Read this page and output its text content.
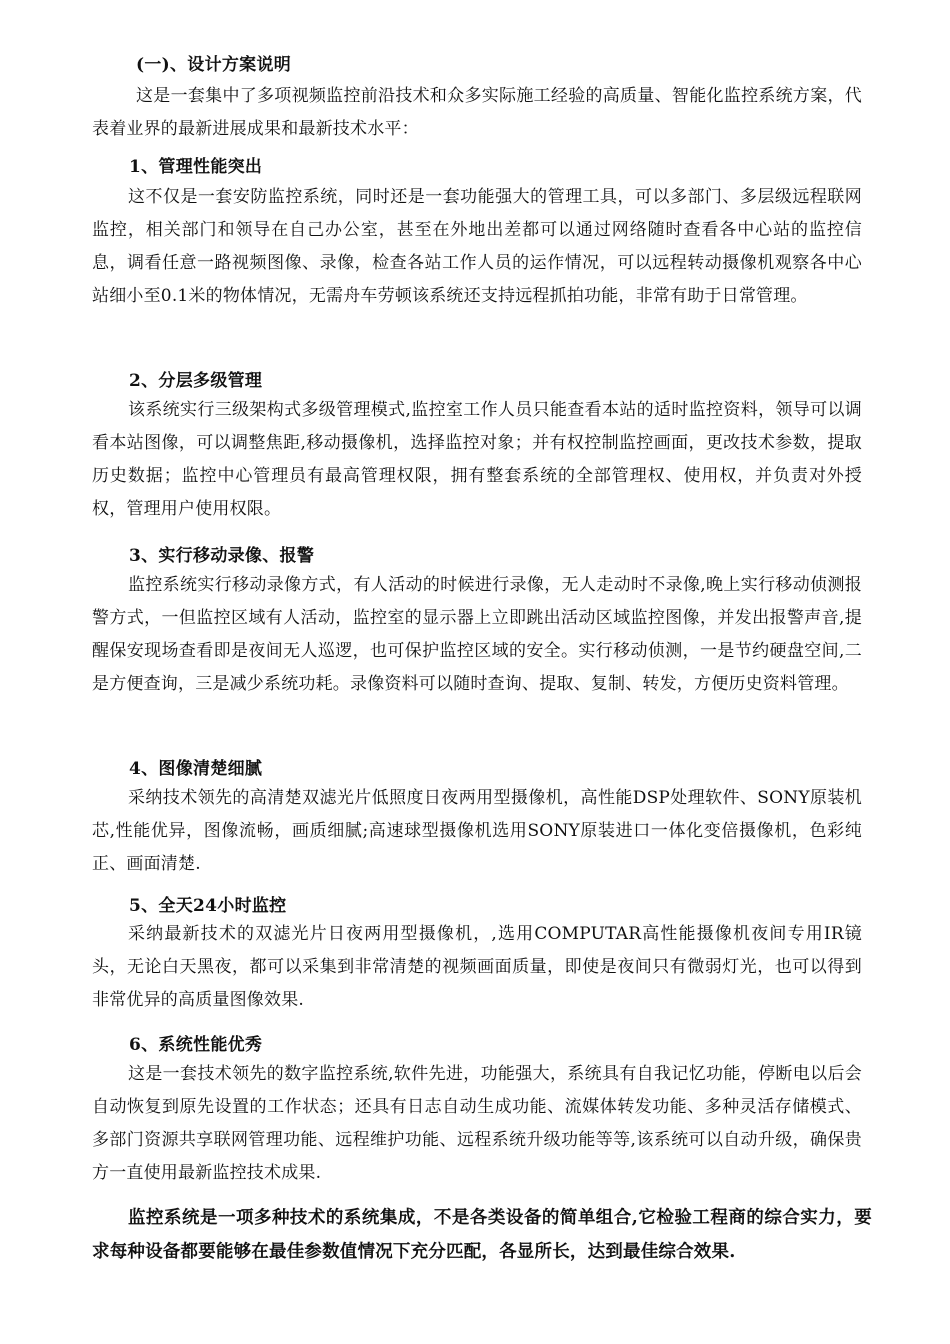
(一)、设计方案说明
这是一套集中了多项视频监控前沿技术和众多实际施工经验的高质量、智能化监控系统方案，代表着业界的最新进展成果和最新技术水平：
1、管理性能突出
这不仅是一套安防监控系统，同时还是一套功能强大的管理工具，可以多部门、多层级远程联网监控，相关部门和领导在自己办公室，甚至在外地出差都可以通过网络随时查看各中心站的监控信息，调看任意一路视频图像、录像，检查各站工作人员的运作情况，可以远程转动摄像机观察各中心站细小至0.1米的物体情况，无需舟车劳顿该系统还支持远程抓拍功能，非常有助于日常管理。
2、分层多级管理
该系统实行三级架构式多级管理模式,监控室工作人员只能查看本站的适时监控资料，领导可以调看本站图像，可以调整焦距,移动摄像机，选择监控对象；并有权控制监控画面，更改技术参数，提取历史数据；监控中心管理员有最高管理权限，拥有整套系统的全部管理权、使用权，并负责对外授权，管理用户使用权限。
3、实行移动录像、报警
监控系统实行移动录像方式，有人活动的时候进行录像，无人走动时不录像,晚上实行移动侦测报警方式，一但监控区域有人活动，监控室的显示器上立即跳出活动区域监控图像，并发出报警声音,提醒保安现场查看即是夜间无人巡逻，也可保护监控区域的安全。实行移动侦测，一是节约硬盘空间,二是方便查询，三是减少系统功耗。录像资料可以随时查询、提取、复制、转发，方便历史资料管理。
4、图像清楚细腻
采纳技术领先的高清楚双滤光片低照度日夜两用型摄像机，高性能DSP处理软件、SONY原装机芯,性能优异，图像流畅，画质细腻;高速球型摄像机选用SONY原装进口一体化变倍摄像机，色彩纯正、画面清楚.
5、全天24小时监控
采纳最新技术的双滤光片日夜两用型摄像机，,选用COMPUTAR高性能摄像机夜间专用IR镜头，无论白天黑夜，都可以采集到非常清楚的视频画面质量，即使是夜间只有微弱灯光，也可以得到非常优异的高质量图像效果.
6、系统性能优秀
这是一套技术领先的数字监控系统,软件先进，功能强大，系统具有自我记忆功能，停断电以后会自动恢复到原先设置的工作状态；还具有日志自动生成功能、流媒体转发功能、多种灵活存储模式、多部门资源共享联网管理功能、远程维护功能、远程系统升级功能等等,该系统可以自动升级，确保贵方一直使用最新监控技术成果.
监控系统是一项多种技术的系统集成，不是各类设备的简单组合,它检验工程商的综合实力，要求每种设备都要能够在最佳参数值情况下充分匹配，各显所长，达到最佳综合效果.
